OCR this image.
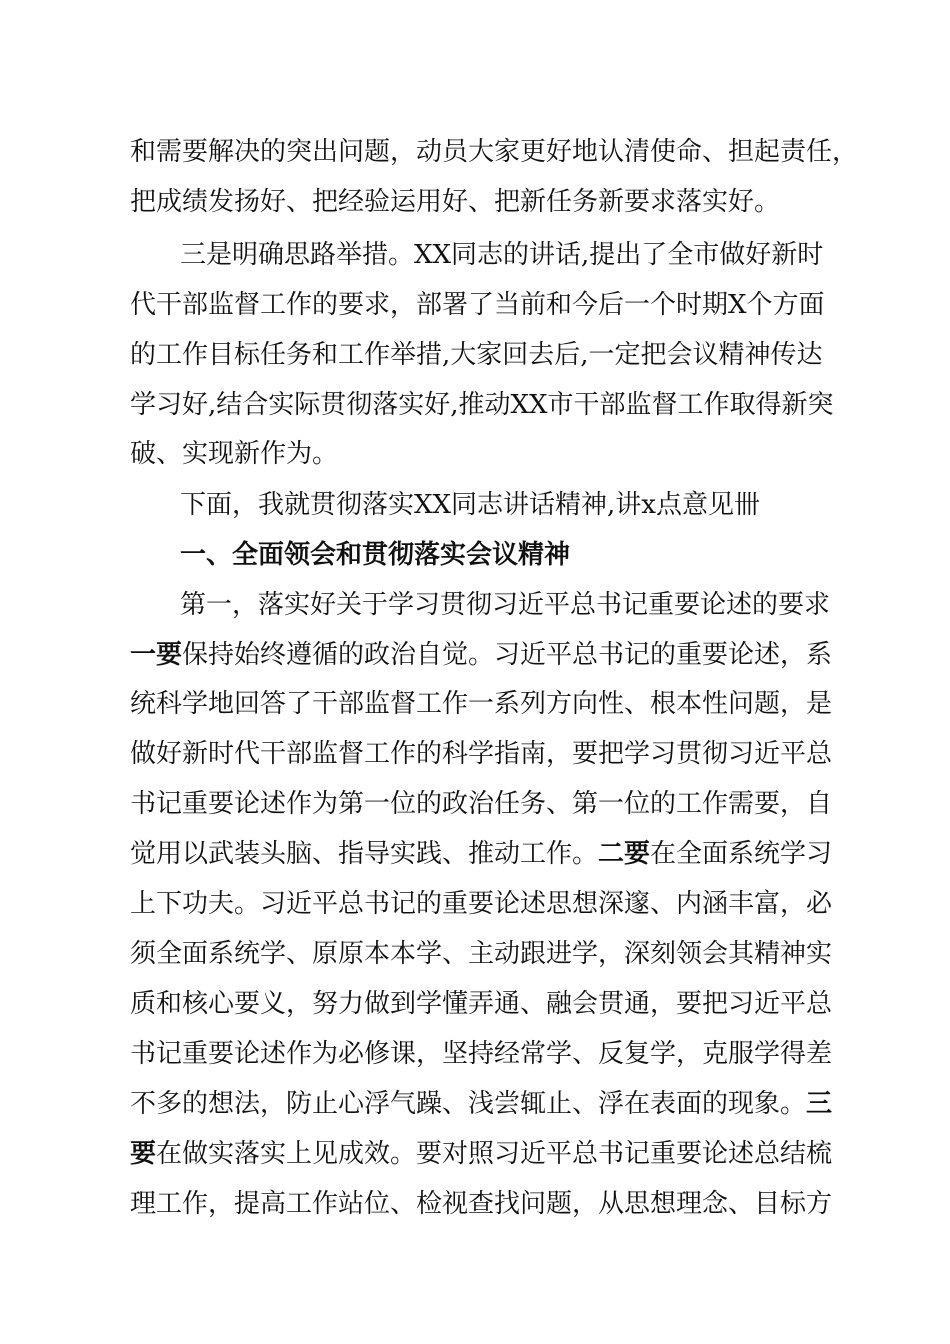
和需要解决的突出问题，动员大家更好地认清使命、担起责任，
把成绩发扬好、把经验运用好、把新任务新要求落实好。
三是明确思路举措。XX同志的讲话,提出了全市做好新时
代干部监督工作的要求，部署了当前和今后一个时期X个方面
的工作目标任务和工作举措,大家回去后,一定把会议精神传达
学习好,结合实际贯彻落实好,推动XX市干部监督工作取得新突
破、实现新作为。
下面，我就贯彻落实XX同志讲话精神,讲x点意见卌
一、全面领会和贯彻落实会议精神
第一，落实好关于学习贯彻习近平总书记重要论述的要求
一要保持始终遵循的政治自觉。习近平总书记的重要论述，系
统科学地回答了干部监督工作一系列方向性、根本性问题，是
做好新时代干部监督工作的科学指南，要把学习贯彻习近平总
书记重要论述作为第一位的政治任务、第一位的工作需要，自
觉用以武装头脑、指导实践、推动工作。二要在全面系统学习
上下功夫。习近平总书记的重要论述思想深邃、内涵丰富，必
须全面系统学、原原本本学、主动跟进学，深刻领会其精神实
质和核心要义，努力做到学懂弄通、融会贯通，要把习近平总
书记重要论述作为必修课，坚持经常学、反复学，克服学得差
不多的想法，防止心浮气躁、浅尝辄止、浮在表面的现象。三
要在做实落实上见成效。要对照习近平总书记重要论述总结梳
理工作，提高工作站位、检视查找问题，从思想理念、目标方
